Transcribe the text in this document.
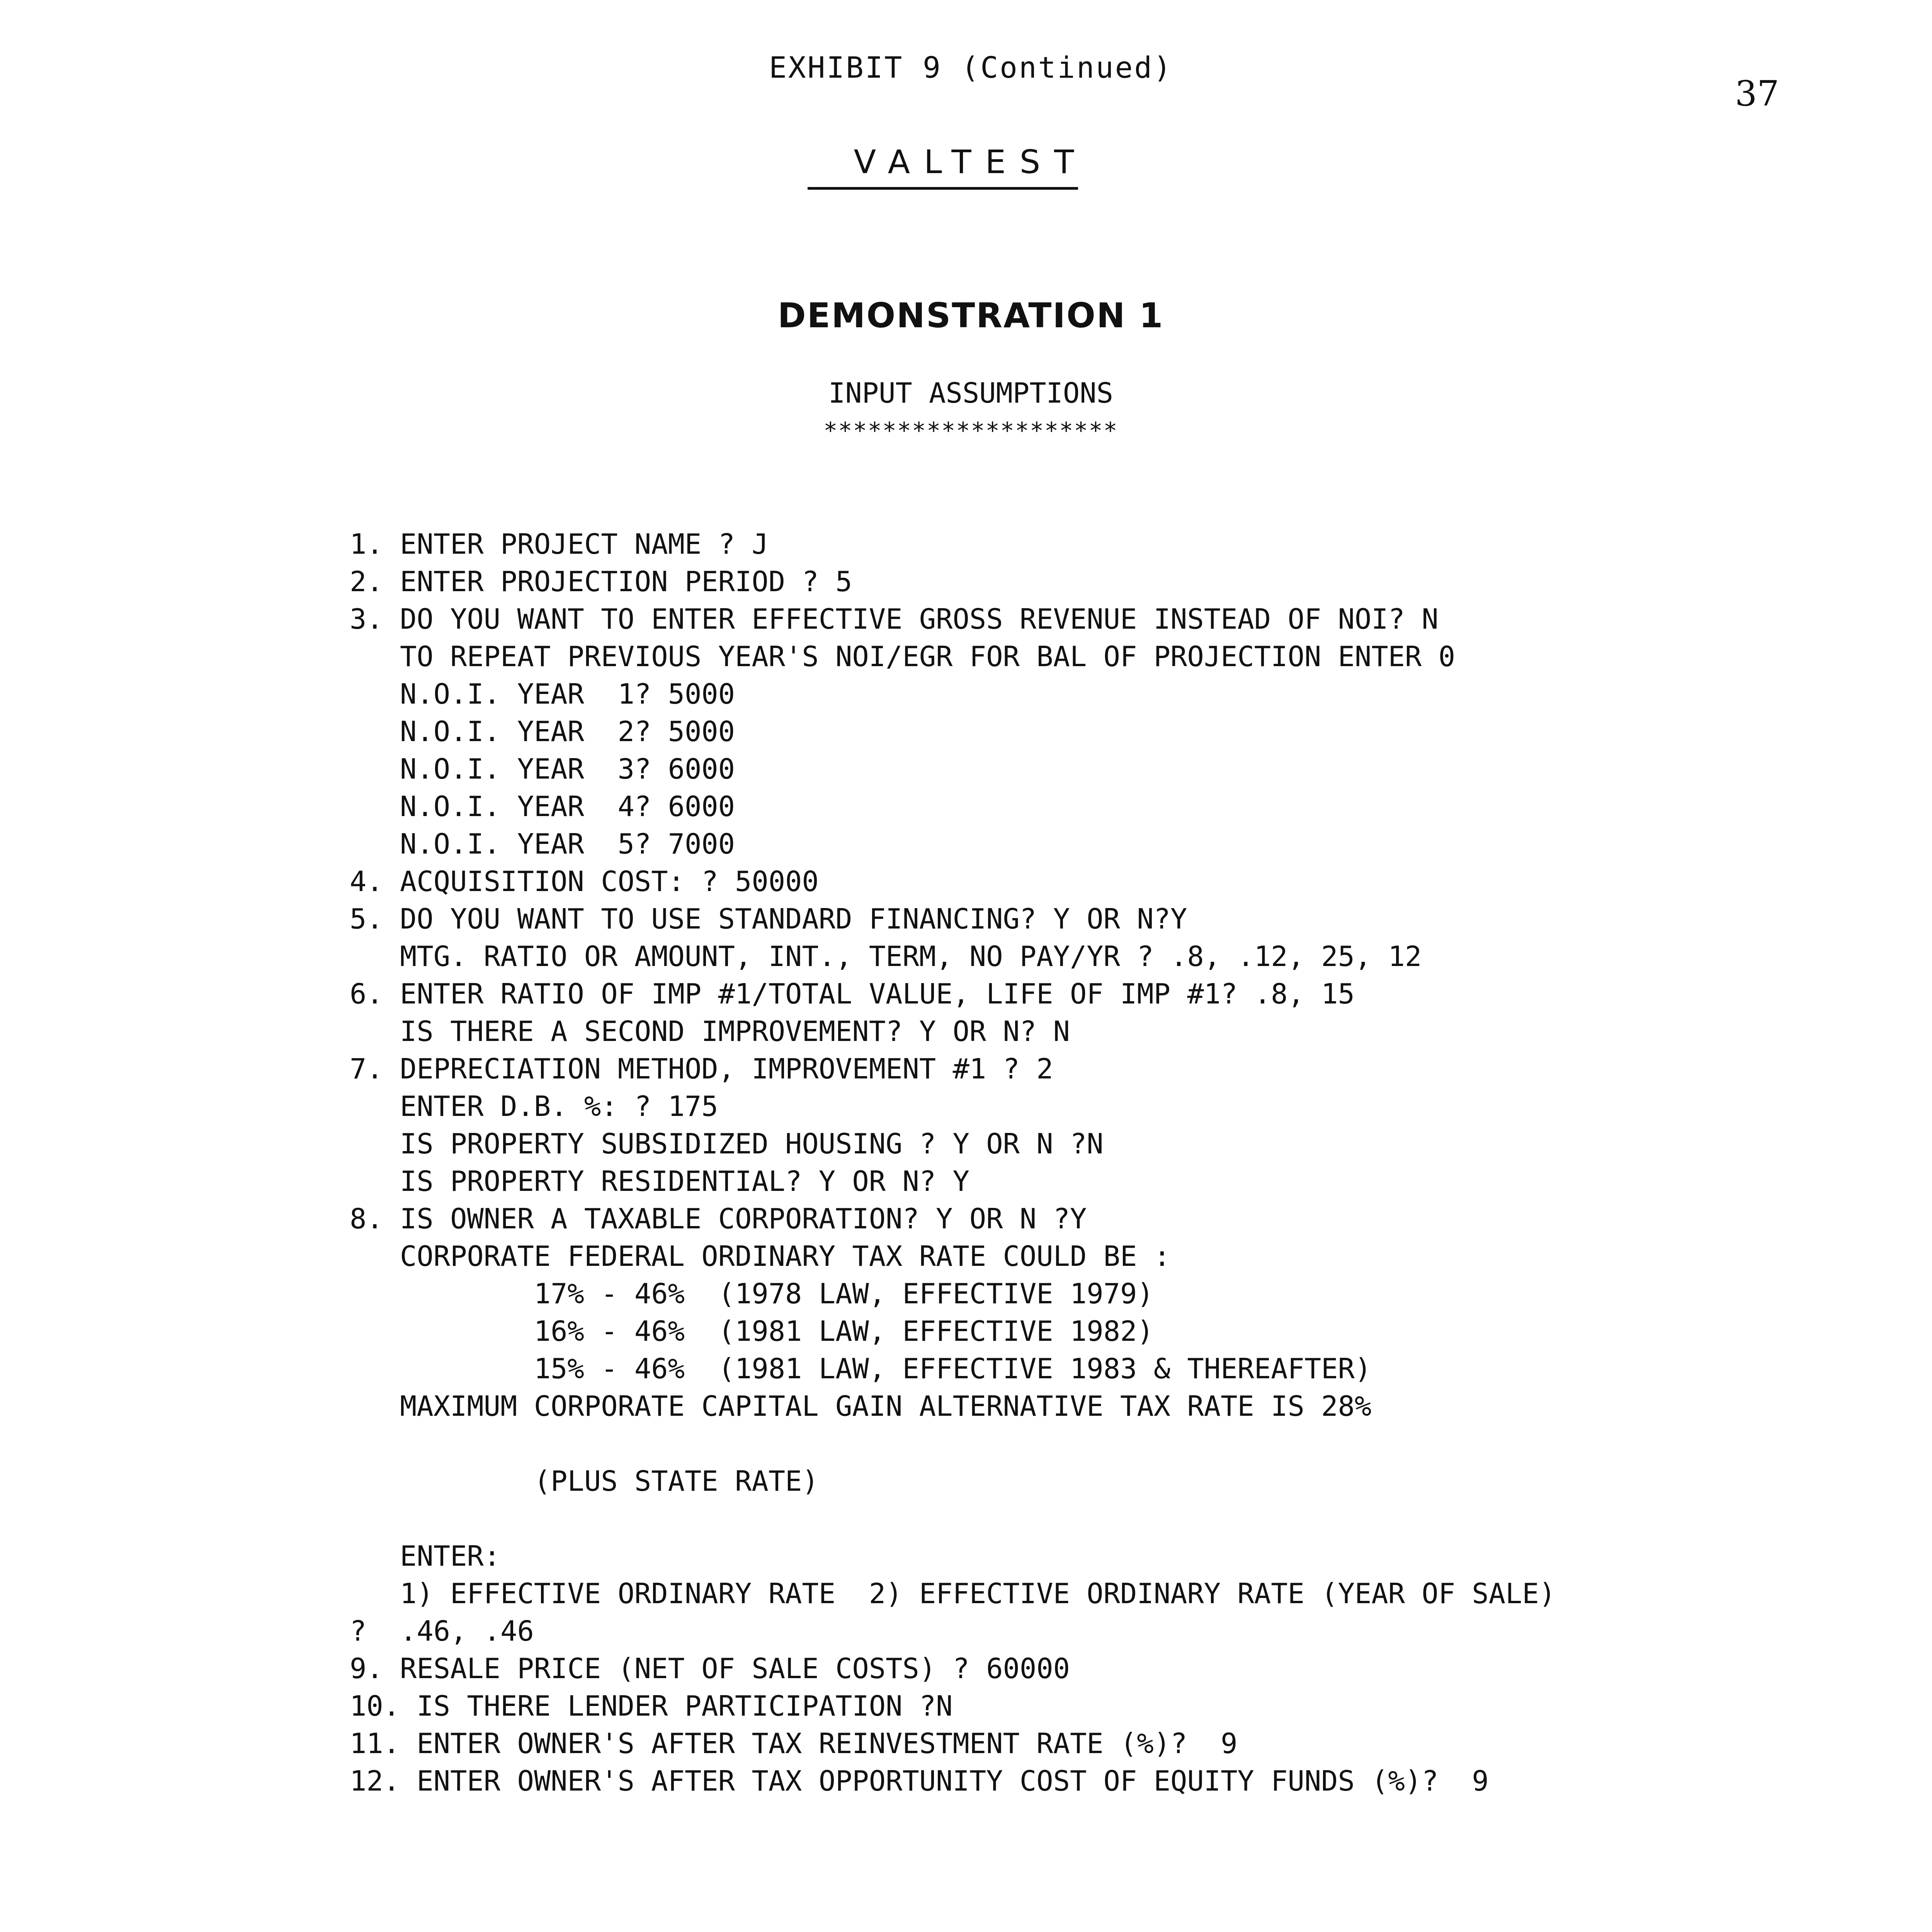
EXHIBIT 9 (Continued)
37
VALTEST
DEMONSTRATION 1
INPUT ASSUMPTIONS
********************
1. ENTER PROJECT NAME ? J
2. ENTER PROJECTION PERIOD ? 5
3. DO YOU WANT TO ENTER EFFECTIVE GROSS REVENUE INSTEAD OF NOI? N
TO REPEAT PREVIOUS YEAR'S NOI/EGR FOR BAL OF PROJECTION ENTER 0
N.O.I. YEAR  1? 5000
N.O.I. YEAR  2? 5000
N.O.I. YEAR  3? 6000
N.O.I. YEAR  4? 6000
N.O.I. YEAR  5? 7000
4. ACQUISITION COST: ? 50000
5. DO YOU WANT TO USE STANDARD FINANCING? Y OR N?Y
MTG. RATIO OR AMOUNT, INT., TERM, NO PAY/YR ? .8, .12, 25, 12
6. ENTER RATIO OF IMP #1/TOTAL VALUE, LIFE OF IMP #1? .8, 15
IS THERE A SECOND IMPROVEMENT? Y OR N? N
7. DEPRECIATION METHOD, IMPROVEMENT #1 ? 2
ENTER D.B. %: ? 175
IS PROPERTY SUBSIDIZED HOUSING ? Y OR N ?N
IS PROPERTY RESIDENTIAL? Y OR N? Y
8. IS OWNER A TAXABLE CORPORATION? Y OR N ?Y
CORPORATE FEDERAL ORDINARY TAX RATE COULD BE :
17% - 46%  (1978 LAW, EFFECTIVE 1979)
16% - 46%  (1981 LAW, EFFECTIVE 1982)
15% - 46%  (1981 LAW, EFFECTIVE 1983 & THEREAFTER)
MAXIMUM CORPORATE CAPITAL GAIN ALTERNATIVE TAX RATE IS 28%
(PLUS STATE RATE)
ENTER:
1) EFFECTIVE ORDINARY RATE  2) EFFECTIVE ORDINARY RATE (YEAR OF SALE)
?  .46, .46
9. RESALE PRICE (NET OF SALE COSTS) ? 60000
10. IS THERE LENDER PARTICIPATION ?N
11. ENTER OWNER'S AFTER TAX REINVESTMENT RATE (%)?  9
12. ENTER OWNER'S AFTER TAX OPPORTUNITY COST OF EQUITY FUNDS (%)?  9
